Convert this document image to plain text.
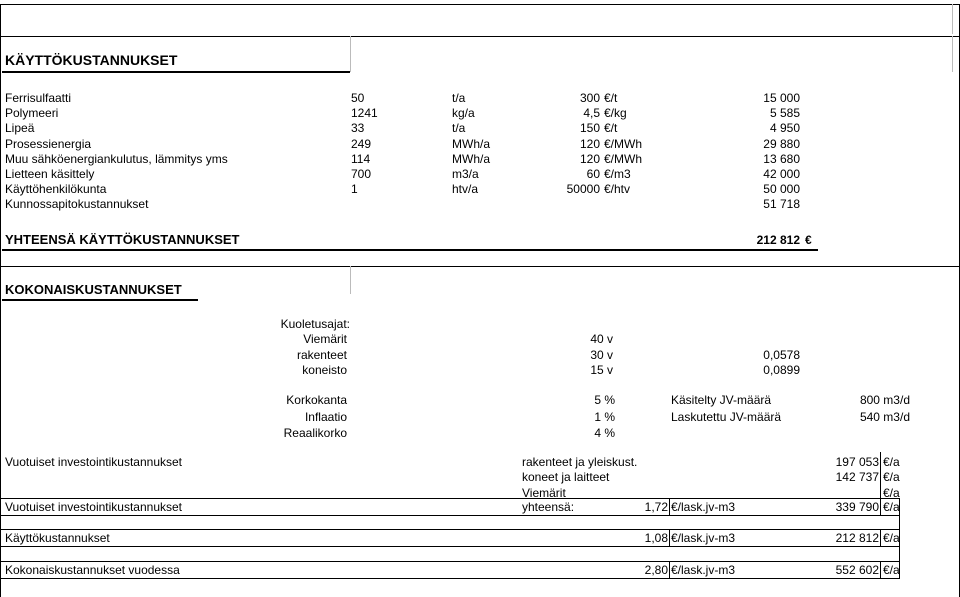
KÄYTTÖKUSTANNUKSET
Ferrisulfaatti	50	t/a	300 €/t	15 000
Polymeeri	1241	kg/a	4,5 €/kg	5 585
Lipeä	33	t/a	150 €/t	4 950
Prosessienergia	249	MWh/a	120 €/MWh	29 880
Muu sähköenergiankulutus, lämmitys yms	114	MWh/a	120 €/MWh	13 680
Lietteen käsittely	700	m3/a	60 €/m3	42 000
Käyttöhenkilökunta	1	htv/a	50000 €/htv	50 000
Kunnossapitokustannukset	51 718
YHTEENSÄ KÄYTTÖKUSTANNUKSET	212 812 €
KOKONAISKUSTANNUKSET
Kuoletusajat:
Viemärit	40 v
rakenteet	30 v	0,0578
koneisto	15 v	0,0899
Korkokanta	5 %
Inflaatio	1 %
Reaalikorko	4 %
Käsitelty JV-määrä	800 m3/d
Laskutettu JV-määrä	540 m3/d
Vuotuiset investointikustannukset	rakenteet ja yleiskust.	197 053 €/a
koneet ja laitteet	142 737 €/a
Viemärit	€/a
Vuotuiset investointikustannukset	yhteensä:	1,72 €/lask.jv-m3	339 790 €/a
Käyttökustannukset	1,08 €/lask.jv-m3	212 812 €/a
Kokonaiskustannukset vuodessa	2,80 €/lask.jv-m3	552 602 €/a
